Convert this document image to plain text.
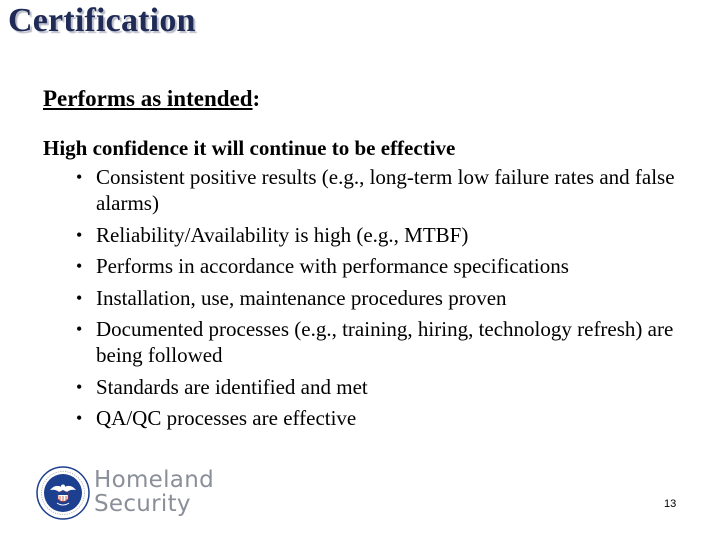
Certification
Performs as intended:
High confidence it will continue to be effective
• Consistent positive results (e.g., long-term low failure rates and false alarms)
• Reliability/Availability is high (e.g., MTBF)
• Performs in accordance with performance specifications
• Installation, use, maintenance procedures proven
• Documented processes (e.g., training, hiring, technology refresh) are being followed
• Standards are identified and met
• QA/QC processes are effective
Homeland
Security	13
